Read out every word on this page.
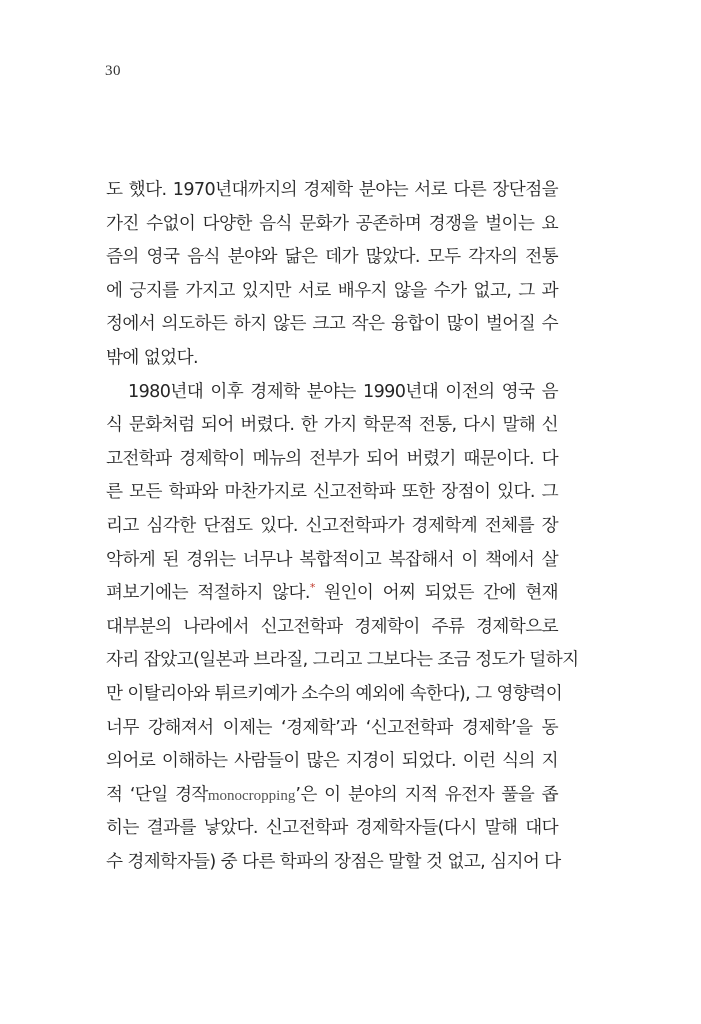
30
도 했다. 1970년대까지의 경제학 분야는 서로 다른 장단점을
가진 수없이 다양한 음식 문화가 공존하며 경쟁을 벌이는 요
즘의 영국 음식 분야와 닮은 데가 많았다. 모두 각자의 전통
에 긍지를 가지고 있지만 서로 배우지 않을 수가 없고, 그 과
정에서 의도하든 하지 않든 크고 작은 융합이 많이 벌어질 수
밖에 없었다.
1980년대 이후 경제학 분야는 1990년대 이전의 영국 음
식 문화처럼 되어 버렸다. 한 가지 학문적 전통, 다시 말해 신
고전학파 경제학이 메뉴의 전부가 되어 버렸기 때문이다. 다
른 모든 학파와 마찬가지로 신고전학파 또한 장점이 있다. 그
리고 심각한 단점도 있다. 신고전학파가 경제학계 전체를 장
악하게 된 경위는 너무나 복합적이고 복잡해서 이 책에서 살
펴보기에는 적절하지 않다.* 원인이 어찌 되었든 간에 현재
대부분의 나라에서 신고전학파 경제학이 주류 경제학으로
자리 잡았고(일본과 브라질, 그리고 그보다는 조금 정도가 덜하지
만 이탈리아와 튀르키예가 소수의 예외에 속한다), 그 영향력이
너무 강해져서 이제는 ‘경제학’과 ‘신고전학파 경제학’을 동
의어로 이해하는 사람들이 많은 지경이 되었다. 이런 식의 지
적 ‘단일 경작monocropping’은 이 분야의 지적 유전자 풀을 좁
히는 결과를 낳았다. 신고전학파 경제학자들(다시 말해 대다
수 경제학자들) 중 다른 학파의 장점은 말할 것 없고, 심지어 다
